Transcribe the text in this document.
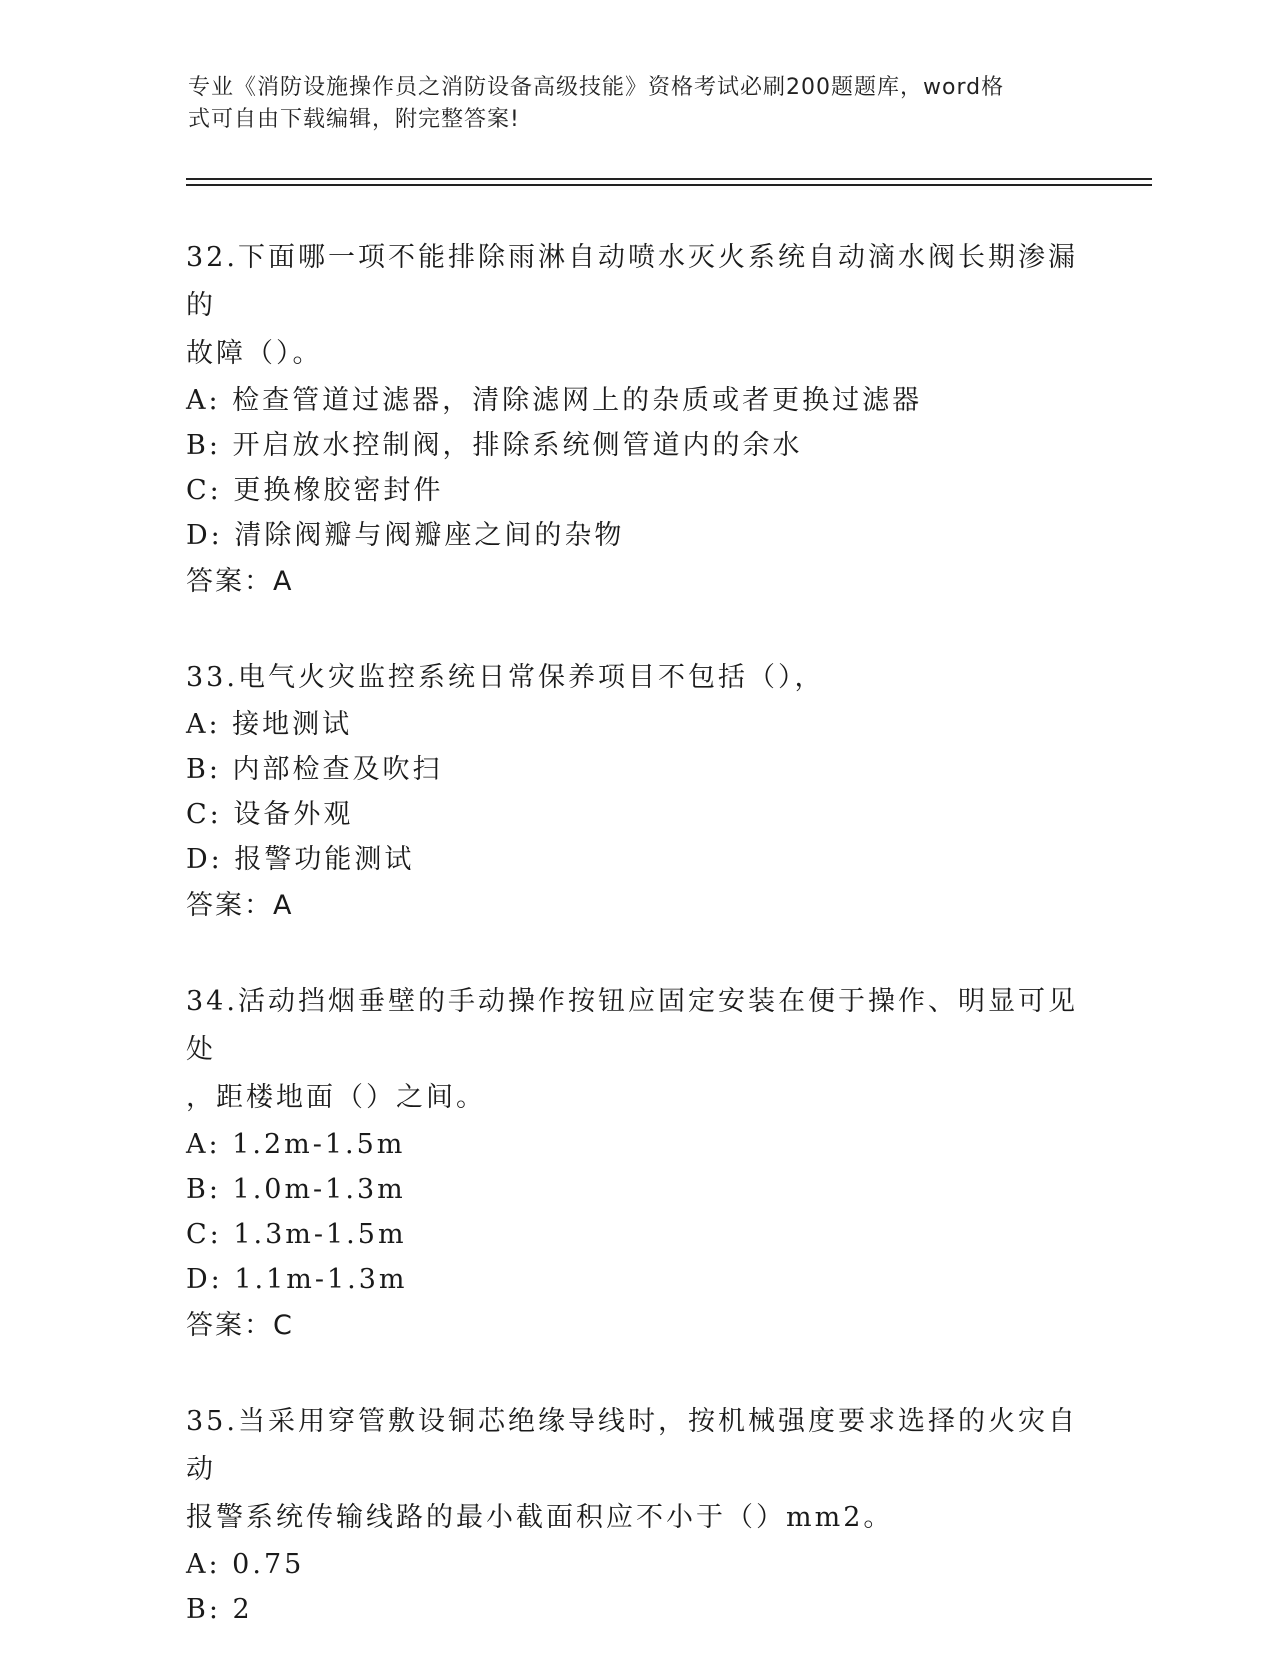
专业《消防设施操作员之消防设备高级技能》资格考试必刷200题题库，word格
式可自由下载编辑，附完整答案!
32.下面哪一项不能排除雨淋自动喷水灭火系统自动滴水阀长期渗漏的
故障（）。
A: 检查管道过滤器，清除滤网上的杂质或者更换过滤器
B: 开启放水控制阀，排除系统侧管道内的余水
C: 更换橡胶密封件
D: 清除阀瓣与阀瓣座之间的杂物
答案：A
33.电气火灾监控系统日常保养项目不包括（），
A: 接地测试
B: 内部检查及吹扫
C: 设备外观
D: 报警功能测试
答案：A
34.活动挡烟垂壁的手动操作按钮应固定安装在便于操作、明显可见处
，距楼地面（）之间。
A: 1.2m-1.5m
B: 1.0m-1.3m
C: 1.3m-1.5m
D: 1.1m-1.3m
答案：C
35.当采用穿管敷设铜芯绝缘导线时，按机械强度要求选择的火灾自动
报警系统传输线路的最小截面积应不小于（）mm2。
A: 0.75
B: 2
